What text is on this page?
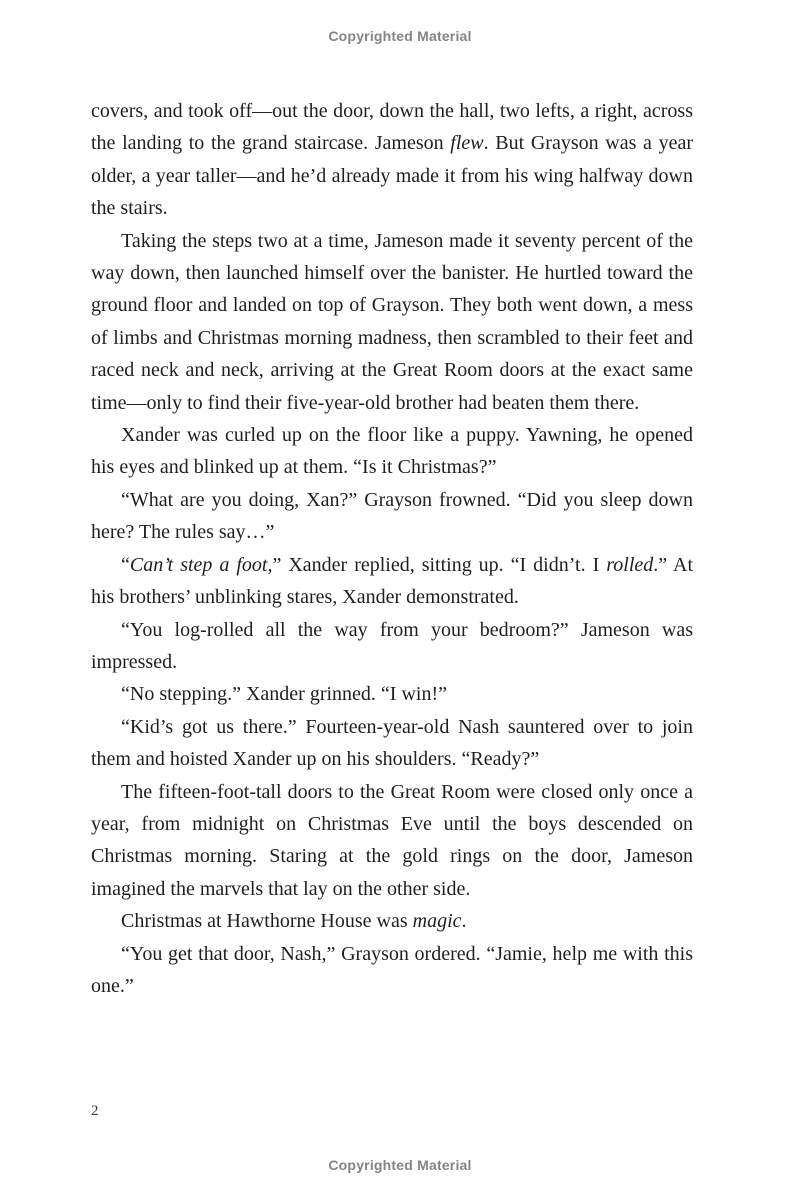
Copyrighted Material

covers, and took off—out the door, down the hall, two lefts, a right, across the landing to the grand staircase. Jameson flew. But Grayson was a year older, a year taller—and he’d already made it from his wing halfway down the stairs.

Taking the steps two at a time, Jameson made it seventy percent of the way down, then launched himself over the banister. He hurtled toward the ground floor and landed on top of Grayson. They both went down, a mess of limbs and Christmas morning madness, then scrambled to their feet and raced neck and neck, arriving at the Great Room doors at the exact same time—only to find their five-year-old brother had beaten them there.

Xander was curled up on the floor like a puppy. Yawning, he opened his eyes and blinked up at them. “Is it Christmas?”

“What are you doing, Xan?” Grayson frowned. “Did you sleep down here? The rules say…”

“Can’t step a foot,” Xander replied, sitting up. “I didn’t. I rolled.” At his brothers’ unblinking stares, Xander demonstrated.

“You log-rolled all the way from your bedroom?” Jameson was impressed.

“No stepping.” Xander grinned. “I win!”

“Kid’s got us there.” Fourteen-year-old Nash sauntered over to join them and hoisted Xander up on his shoulders. “Ready?”

The fifteen-foot-tall doors to the Great Room were closed only once a year, from midnight on Christmas Eve until the boys descended on Christmas morning. Staring at the gold rings on the door, Jameson imagined the marvels that lay on the other side.

Christmas at Hawthorne House was magic.

“You get that door, Nash,” Grayson ordered. “Jamie, help me with this one.”

2
Copyrighted Material
